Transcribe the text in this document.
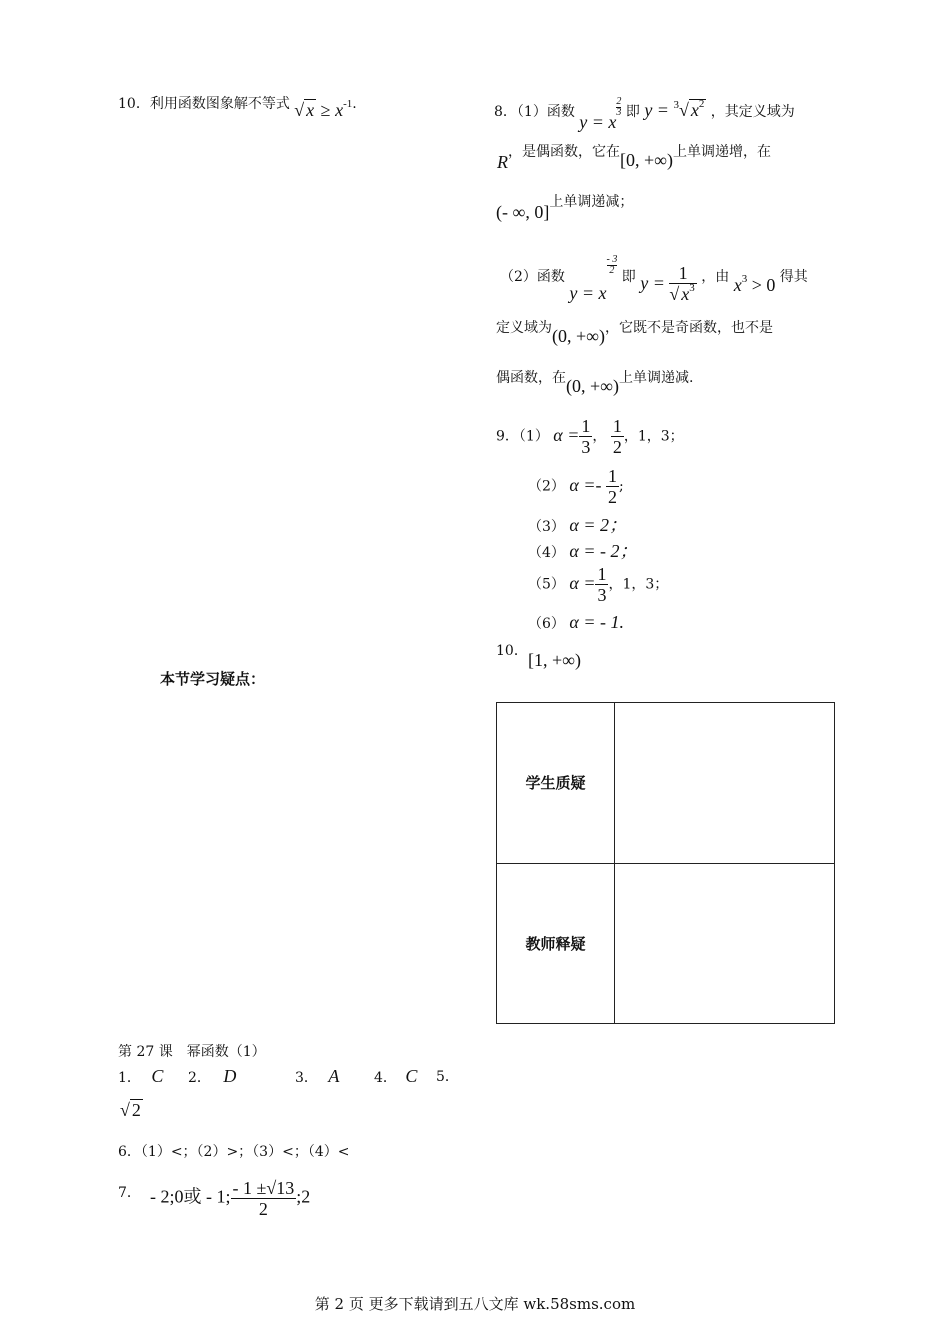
10．利用函数图象解不等式 √ $x \ge x^{-1}$.
本节学习疑点：
第 27 课　幂函数（1）
1． C 2． D	3． A 4． C 5．
√ 2
6．（1）<；（2）>；（3）<；（4）<
7． - 2;0或 - 1; $\frac{- 1 \pm√13}{2}$ ;2
8．（1）函数 y = x
$\frac{2}{3}$ 即 y = $^3$√ $x^2$ ，其定义域为
R，是偶函数，它在[0, +∞)上单调递增，在
(- ∞, 0]上单调递减；
（2）函数 y = x
$\frac{- 3}{2}$ 即 $y = \frac{1}{√ x^3}$ ，由 $x^3 > 0$ 得其
定义域为(0, +∞)，它既不是奇函数，也不是
偶函数，在(0, +∞)上单调递减.
9．（1） $\alpha = \frac{1}{3}$ ， $\frac{1}{2}$ ，1，3；
（2） $\alpha =- \frac{1}{2}$ ;
（3） α = 2；
（4） α = - 2；
（5） $\alpha = \frac{1}{3}$ ，1，3；
（6） α = - 1.
10． [1, +∞)
学生质疑	
教师释疑	
第 2 页 更多下载请到五八文库 wk.58sms.com
